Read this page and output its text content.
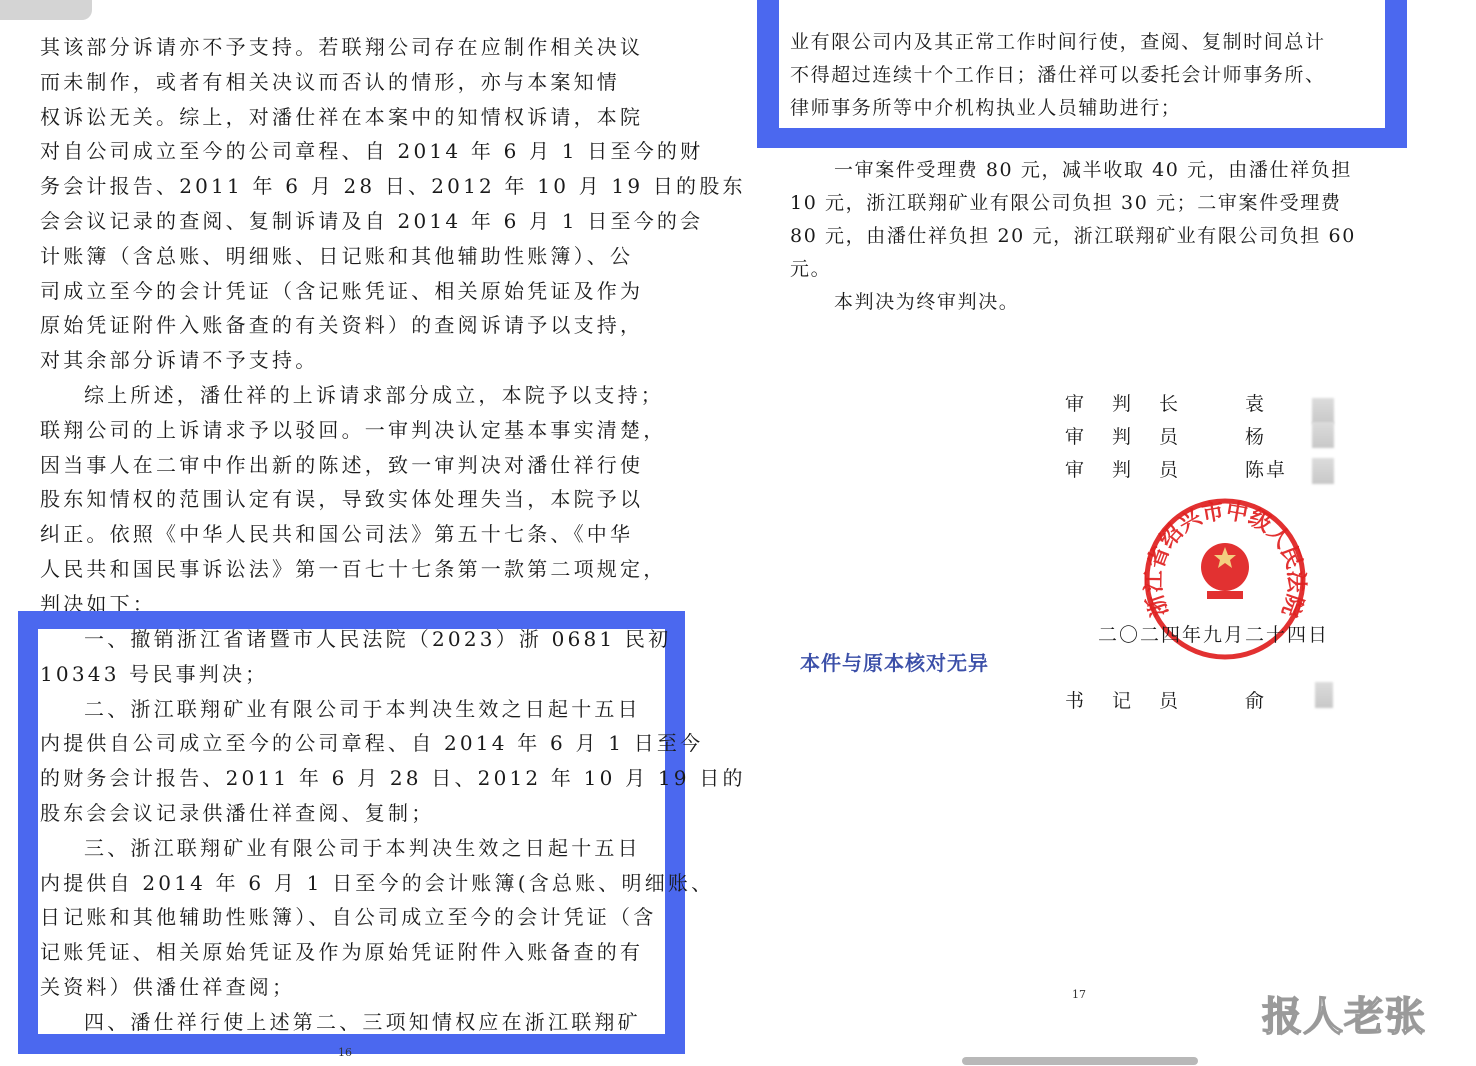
其该部分诉请亦不予支持。若联翔公司存在应制作相关决议
而未制作，或者有相关决议而否认的情形，亦与本案知情
权诉讼无关。综上，对潘仕祥在本案中的知情权诉请，本院
对自公司成立至今的公司章程、自 2014 年 6 月 1 日至今的财
务会计报告、2011 年 6 月 28 日、2012 年 10 月 19 日的股东
会会议记录的查阅、复制诉请及自 2014 年 6 月 1 日至今的会
计账簿（含总账、明细账、日记账和其他辅助性账簿）、公
司成立至今的会计凭证（含记账凭证、相关原始凭证及作为
原始凭证附件入账备查的有关资料）的查阅诉请予以支持，
对其余部分诉请不予支持。
综上所述，潘仕祥的上诉请求部分成立，本院予以支持；
联翔公司的上诉请求予以驳回。一审判决认定基本事实清楚，
因当事人在二审中作出新的陈述，致一审判决对潘仕祥行使
股东知情权的范围认定有误，导致实体处理失当，本院予以
纠正。依照《中华人民共和国公司法》第五十七条、《中华
人民共和国民事诉讼法》第一百七十七条第一款第二项规定，
判决如下：
一、撤销浙江省诸暨市人民法院（2023）浙 0681 民初
10343 号民事判决；
二、浙江联翔矿业有限公司于本判决生效之日起十五日
内提供自公司成立至今的公司章程、自 2014 年 6 月 1 日至今
的财务会计报告、2011 年 6 月 28 日、2012 年 10 月 19 日的
股东会会议记录供潘仕祥查阅、复制；
三、浙江联翔矿业有限公司于本判决生效之日起十五日
内提供自 2014 年 6 月 1 日至今的会计账簿(含总账、明细账、
日记账和其他辅助性账簿）、自公司成立至今的会计凭证（含
记账凭证、相关原始凭证及作为原始凭证附件入账备查的有
关资料）供潘仕祥查阅；
四、潘仕祥行使上述第二、三项知情权应在浙江联翔矿
16
业有限公司内及其正常工作时间行使，查阅、复制时间总计
不得超过连续十个工作日；潘仕祥可以委托会计师事务所、
律师事务所等中介机构执业人员辅助进行；
一审案件受理费 80 元，减半收取 40 元，由潘仕祥负担
10 元，浙江联翔矿业有限公司负担 30 元；二审案件受理费
80 元，由潘仕祥负担 20 元，浙江联翔矿业有限公司负担 60
元。
本判决为终审判决。
审判长 袁
审判员 杨
审判员 陈卓
浙江省绍兴市中级人民法院
二〇二四年九月二十四日
本件与原本核对无异
书记员 俞
17	报人老张
